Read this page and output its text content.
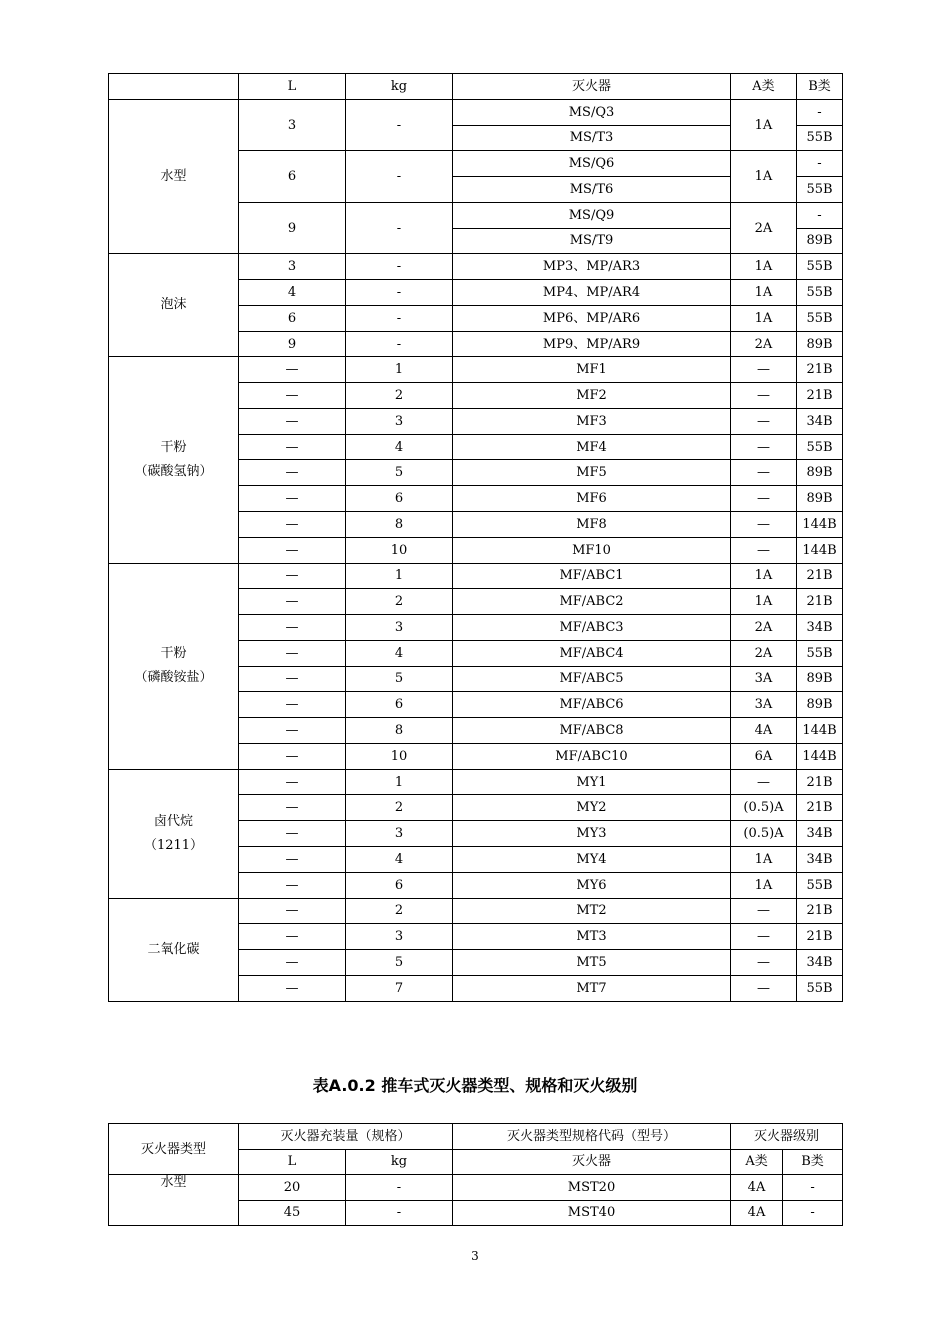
	L	kg	灭火器	A类	B类

水型	3	-	MS/Q3	1A	-
			MS/T3		55B
	6	-	MS/Q6	1A	-
			MS/T6		55B
	9	-	MS/Q9	2A	-
			MS/T9		89B

泡沫	3	-	MP3、MP/AR3	1A	55B
	4	-	MP4、MP/AR4	1A	55B
	6	-	MP6、MP/AR6	1A	55B
	9	-	MP9、MP/AR9	2A	89B

干粉
（碳酸氢钠）	—	1	MF1	—	21B
	—	2	MF2	—	21B
	—	3	MF3	—	34B
	—	4	MF4	—	55B
	—	5	MF5	—	89B
	—	6	MF6	—	89B
	—	8	MF8	—	144B
	—	10	MF10	—	144B

干粉
（磷酸铵盐）	—	1	MF/ABC1	1A	21B
	—	2	MF/ABC2	1A	21B
	—	3	MF/ABC3	2A	34B
	—	4	MF/ABC4	2A	55B
	—	5	MF/ABC5	3A	89B
	—	6	MF/ABC6	3A	89B
	—	8	MF/ABC8	4A	144B
	—	10	MF/ABC10	6A	144B

卤代烷
（1211）	—	1	MY1	—	21B
	—	2	MY2	(0.5)A	21B
	—	3	MY3	(0.5)A	34B
	—	4	MY4	1A	34B
	—	6	MY6	1A	55B

二氧化碳	—	2	MT2	—	21B
	—	3	MT3	—	21B
	—	5	MT5	—	34B
	—	7	MT7	—	55B
表A.0.2 推车式灭火器类型、规格和灭火级别
灭火器类型	灭火器充装量（规格）		灭火器类型规格代码（型号）	灭火器级别	
	L	kg	灭火器	A类	B类
水型	20	-	MST20	4A	-
	45	-	MST40	4A	-
3
